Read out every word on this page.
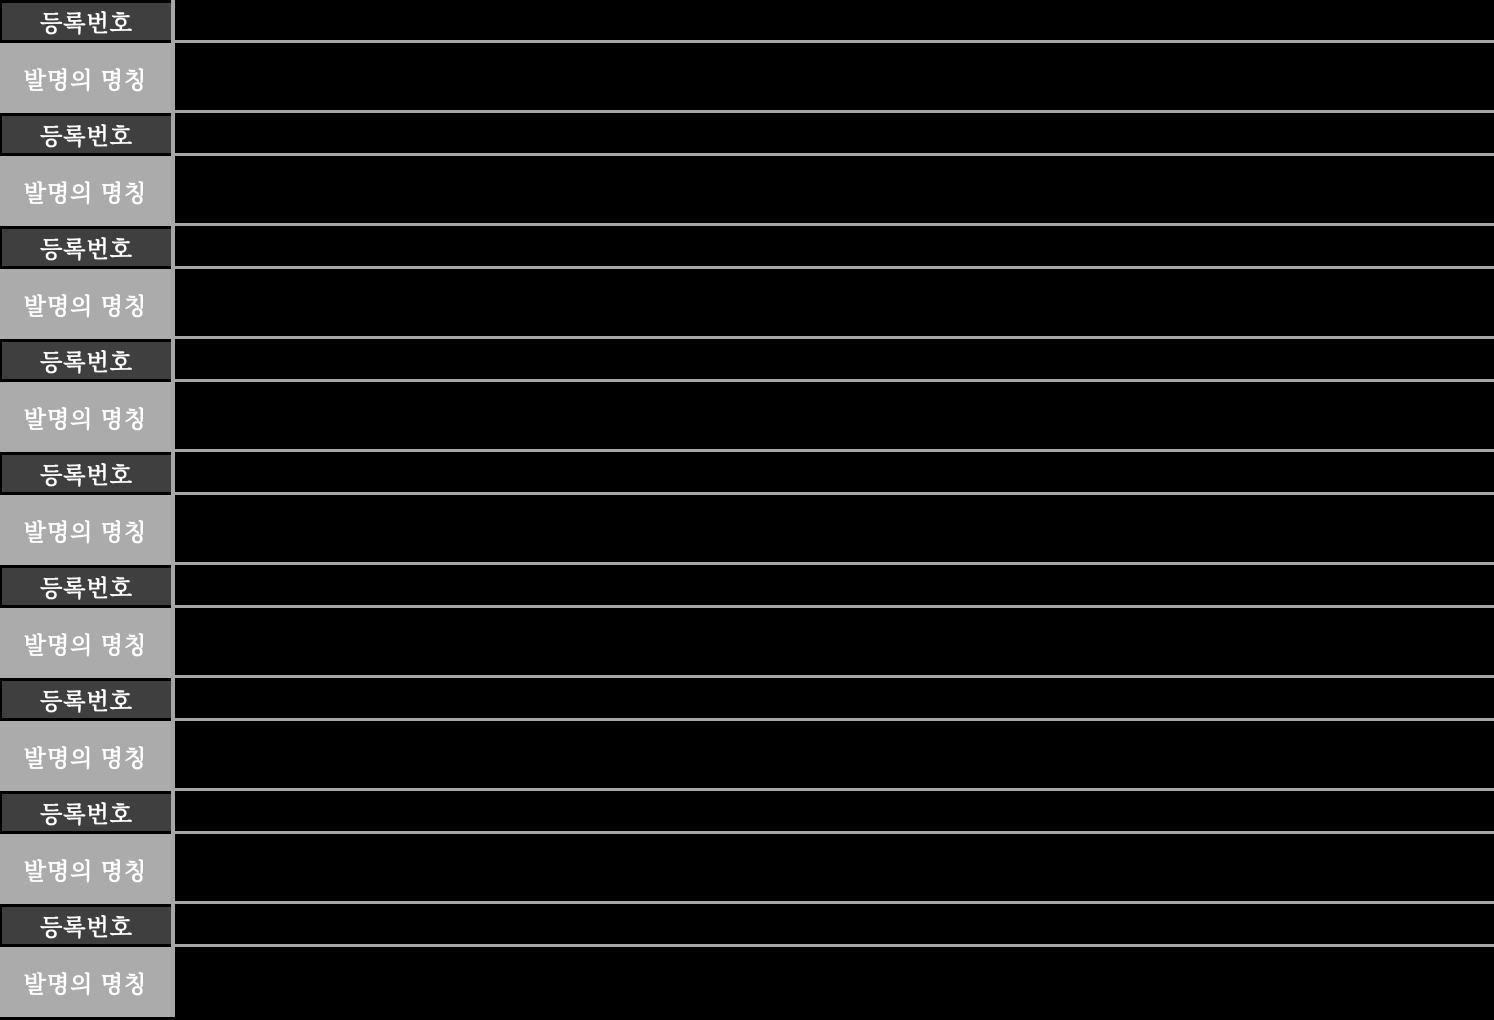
등록번호
발명의 명칭
등록번호
발명의 명칭
등록번호
발명의 명칭
등록번호
발명의 명칭
등록번호
발명의 명칭
등록번호
발명의 명칭
등록번호
발명의 명칭
등록번호
발명의 명칭
등록번호
발명의 명칭
